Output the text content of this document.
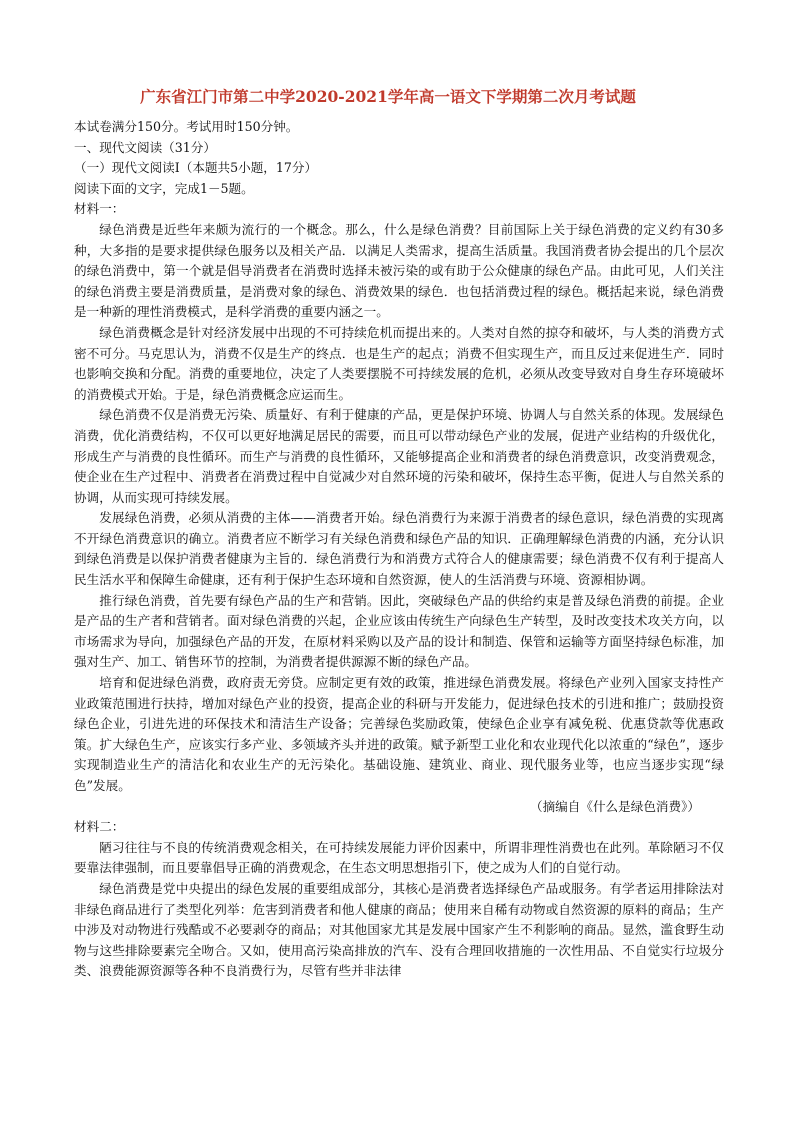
广东省江门市第二中学2020-2021学年高一语文下学期第二次月考试题

本试卷满分150分。考试用时150分钟。

一、现代文阅读（31分）

（一）现代文阅读Ⅰ（本题共5小题，17分）

阅读下面的文字，完成1－5题。

材料一：

绿色消费是近些年来颇为流行的一个概念。那么，什么是绿色消费？目前国际上关于绿色消费的定义约有30多种，大多指的是要求提供绿色服务以及相关产品．以满足人类需求，提高生活质量。我国消费者协会提出的几个层次的绿色消费中，第一个就是倡导消费者在消费时选择未被污染的或有助于公众健康的绿色产品。由此可见，人们关注的绿色消费主要是消费质量，是消费对象的绿色、消费效果的绿色．也包括消费过程的绿色。概括起来说，绿色消费是一种新的理性消费模式，是科学消费的重要内涵之一。

绿色消费概念是针对经济发展中出现的不可持续危机而提出来的。人类对自然的掠夺和破坏，与人类的消费方式密不可分。马克思认为，消费不仅是生产的终点．也是生产的起点；消费不但实现生产，而且反过来促进生产．同时也影响交换和分配。消费的重要地位，决定了人类要摆脱不可持续发展的危机，必须从改变导致对自身生存环境破坏的消费模式开始。于是，绿色消费概念应运而生。

绿色消费不仅是消费无污染、质量好、有利于健康的产品，更是保护环境、协调人与自然关系的体现。发展绿色消费，优化消费结构，不仅可以更好地满足居民的需要，而且可以带动绿色产业的发展，促进产业结构的升级优化，形成生产与消费的良性循环。而生产与消费的良性循环，又能够提高企业和消费者的绿色消费意识，改变消费观念，使企业在生产过程中、消费者在消费过程中自觉减少对自然环境的污染和破坏，保持生态平衡，促进人与自然关系的协调，从而实现可持续发展。

发展绿色消费，必须从消费的主体——消费者开始。绿色消费行为来源于消费者的绿色意识，绿色消费的实现离不开绿色消费意识的确立。消费者应不断学习有关绿色消费和绿色产品的知识．正确理解绿色消费的内涵，充分认识到绿色消费是以保护消费者健康为主旨的．绿色消费行为和消费方式符合人的健康需要；绿色消费不仅有利于提高人民生活水平和保障生命健康，还有利于保护生态环境和自然资源，使人的生活消费与环境、资源相协调。

推行绿色消费，首先要有绿色产品的生产和营销。因此，突破绿色产品的供给约束是普及绿色消费的前提。企业是产品的生产者和营销者。面对绿色消费的兴起，企业应该由传统生产向绿色生产转型，及时改变技术攻关方向，以市场需求为导向，加强绿色产品的开发，在原材料采购以及产品的设计和制造、保管和运输等方面坚持绿色标准，加强对生产、加工、销售环节的控制，为消费者提供源源不断的绿色产品。

培育和促进绿色消费，政府责无旁贷。应制定更有效的政策，推进绿色消费发展。将绿色产业列入国家支持性产业政策范围进行扶持，增加对绿色产业的投资，提高企业的科研与开发能力，促进绿色技术的引进和推广；鼓励投资绿色企业，引进先进的环保技术和清洁生产设备；完善绿色奖励政策，使绿色企业享有减免税、优惠贷款等优惠政策。扩大绿色生产，应该实行多产业、多领域齐头并进的政策。赋予新型工业化和农业现代化以浓重的“绿色”，逐步实现制造业生产的清洁化和农业生产的无污染化。基础设施、建筑业、商业、现代服务业等，也应当逐步实现“绿色”发展。

（摘编自《什么是绿色消费》）

材料二：

陋习往往与不良的传统消费观念相关，在可持续发展能力评价因素中，所谓非理性消费也在此列。革除陋习不仅要靠法律强制，而且要靠倡导正确的消费观念，在生态文明思想指引下，使之成为人们的自觉行动。

绿色消费是党中央提出的绿色发展的重要组成部分，其核心是消费者选择绿色产品或服务。有学者运用排除法对非绿色商品进行了类型化列举：危害到消费者和他人健康的商品；使用来自稀有动物或自然资源的原料的商品；生产中涉及对动物进行残酷或不必要剥夺的商品；对其他国家尤其是发展中国家产生不利影响的商品。显然，滥食野生动物与这些排除要素完全吻合。又如，使用高污染高排放的汽车、没有合理回收措施的一次性用品、不自觉实行垃圾分类、浪费能源资源等各种不良消费行为，尽管有些并非法律
